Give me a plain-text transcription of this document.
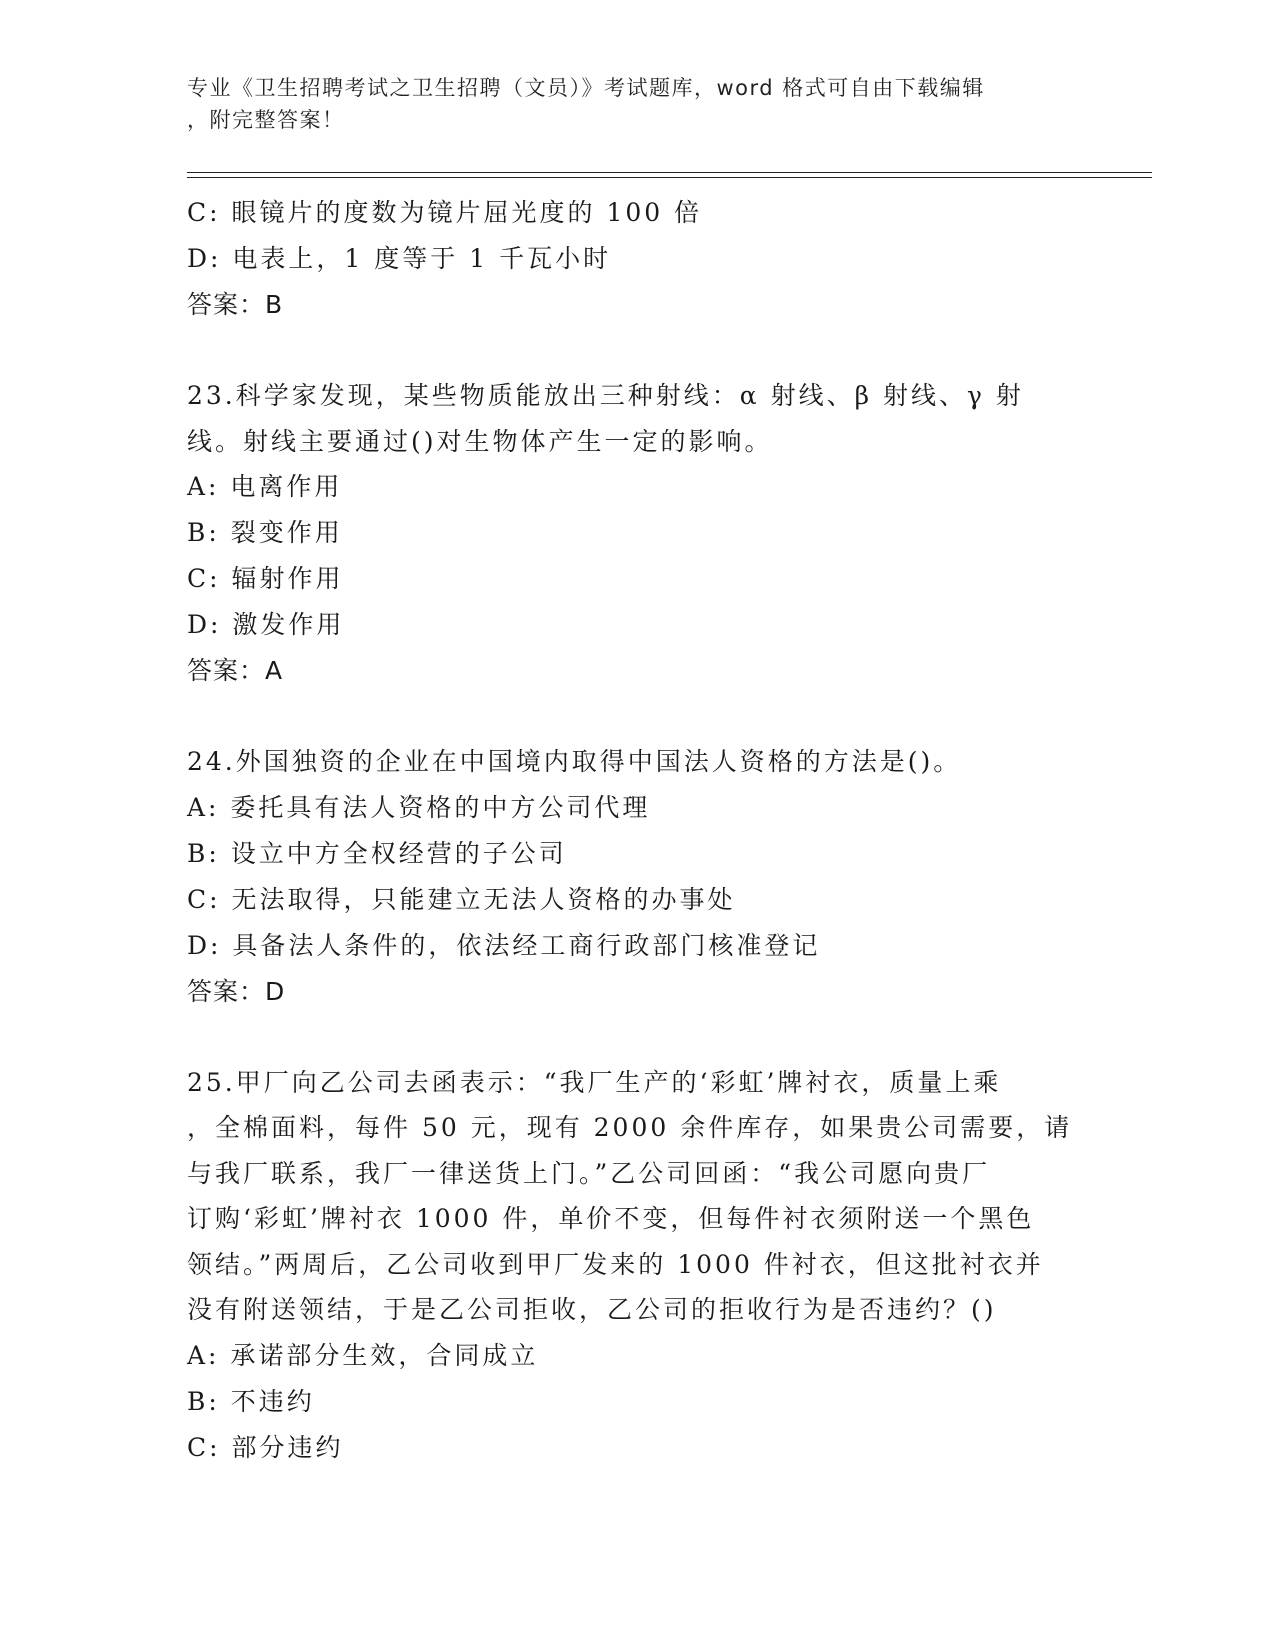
专业《卫生招聘考试之卫生招聘（文员）》考试题库，word 格式可自由下载编辑
，附完整答案！
C: 眼镜片的度数为镜片屈光度的 100 倍
D: 电表上，1 度等于 1 千瓦小时
答案：B
23.科学家发现，某些物质能放出三种射线：α 射线、β 射线、γ 射
线。射线主要通过()对生物体产生一定的影响。
A: 电离作用
B: 裂变作用
C: 辐射作用
D: 激发作用
答案：A
24.外国独资的企业在中国境内取得中国法人资格的方法是()。
A: 委托具有法人资格的中方公司代理
B: 设立中方全权经营的子公司
C: 无法取得，只能建立无法人资格的办事处
D: 具备法人条件的，依法经工商行政部门核准登记
答案：D
25.甲厂向乙公司去函表示：“我厂生产的‘彩虹’牌衬衣，质量上乘
，全棉面料，每件 50 元，现有 2000 余件库存，如果贵公司需要，请
与我厂联系，我厂一律送货上门。”乙公司回函：“我公司愿向贵厂
订购‘彩虹’牌衬衣 1000 件，单价不变，但每件衬衣须附送一个黑色
领结。”两周后，乙公司收到甲厂发来的 1000 件衬衣，但这批衬衣并
没有附送领结，于是乙公司拒收，乙公司的拒收行为是否违约？()
A: 承诺部分生效，合同成立
B: 不违约
C: 部分违约
